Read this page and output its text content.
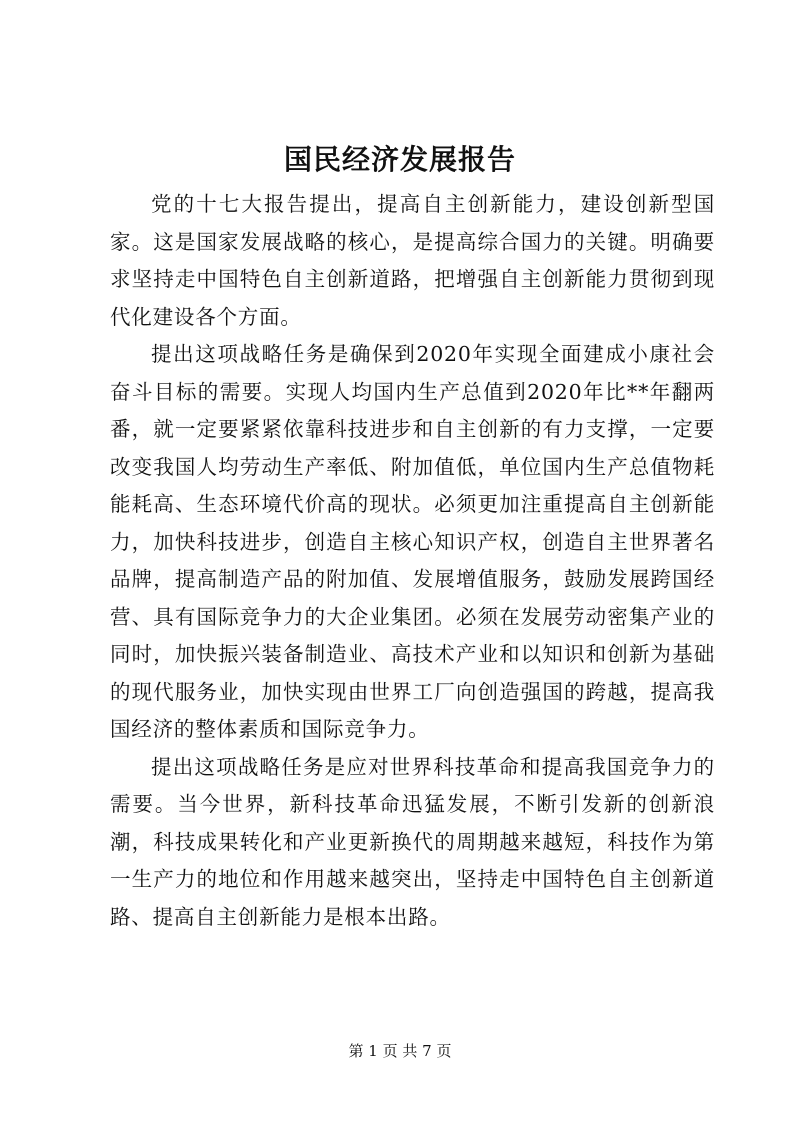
国民经济发展报告

党的十七大报告提出，提高自主创新能力，建设创新型国家。这是国家发展战略的核心，是提高综合国力的关键。明确要求坚持走中国特色自主创新道路，把增强自主创新能力贯彻到现代化建设各个方面。

提出这项战略任务是确保到2020年实现全面建成小康社会奋斗目标的需要。实现人均国内生产总值到2020年比**年翻两番，就一定要紧紧依靠科技进步和自主创新的有力支撑，一定要改变我国人均劳动生产率低、附加值低，单位国内生产总值物耗能耗高、生态环境代价高的现状。必须更加注重提高自主创新能力，加快科技进步，创造自主核心知识产权，创造自主世界著名品牌，提高制造产品的附加值、发展增值服务，鼓励发展跨国经营、具有国际竞争力的大企业集团。必须在发展劳动密集产业的同时，加快振兴装备制造业、高技术产业和以知识和创新为基础的现代服务业，加快实现由世界工厂向创造强国的跨越，提高我国经济的整体素质和国际竞争力。

提出这项战略任务是应对世界科技革命和提高我国竞争力的需要。当今世界，新科技革命迅猛发展，不断引发新的创新浪潮，科技成果转化和产业更新换代的周期越来越短，科技作为第一生产力的地位和作用越来越突出，坚持走中国特色自主创新道路、提高自主创新能力是根本出路。

第 1 页 共 7 页
